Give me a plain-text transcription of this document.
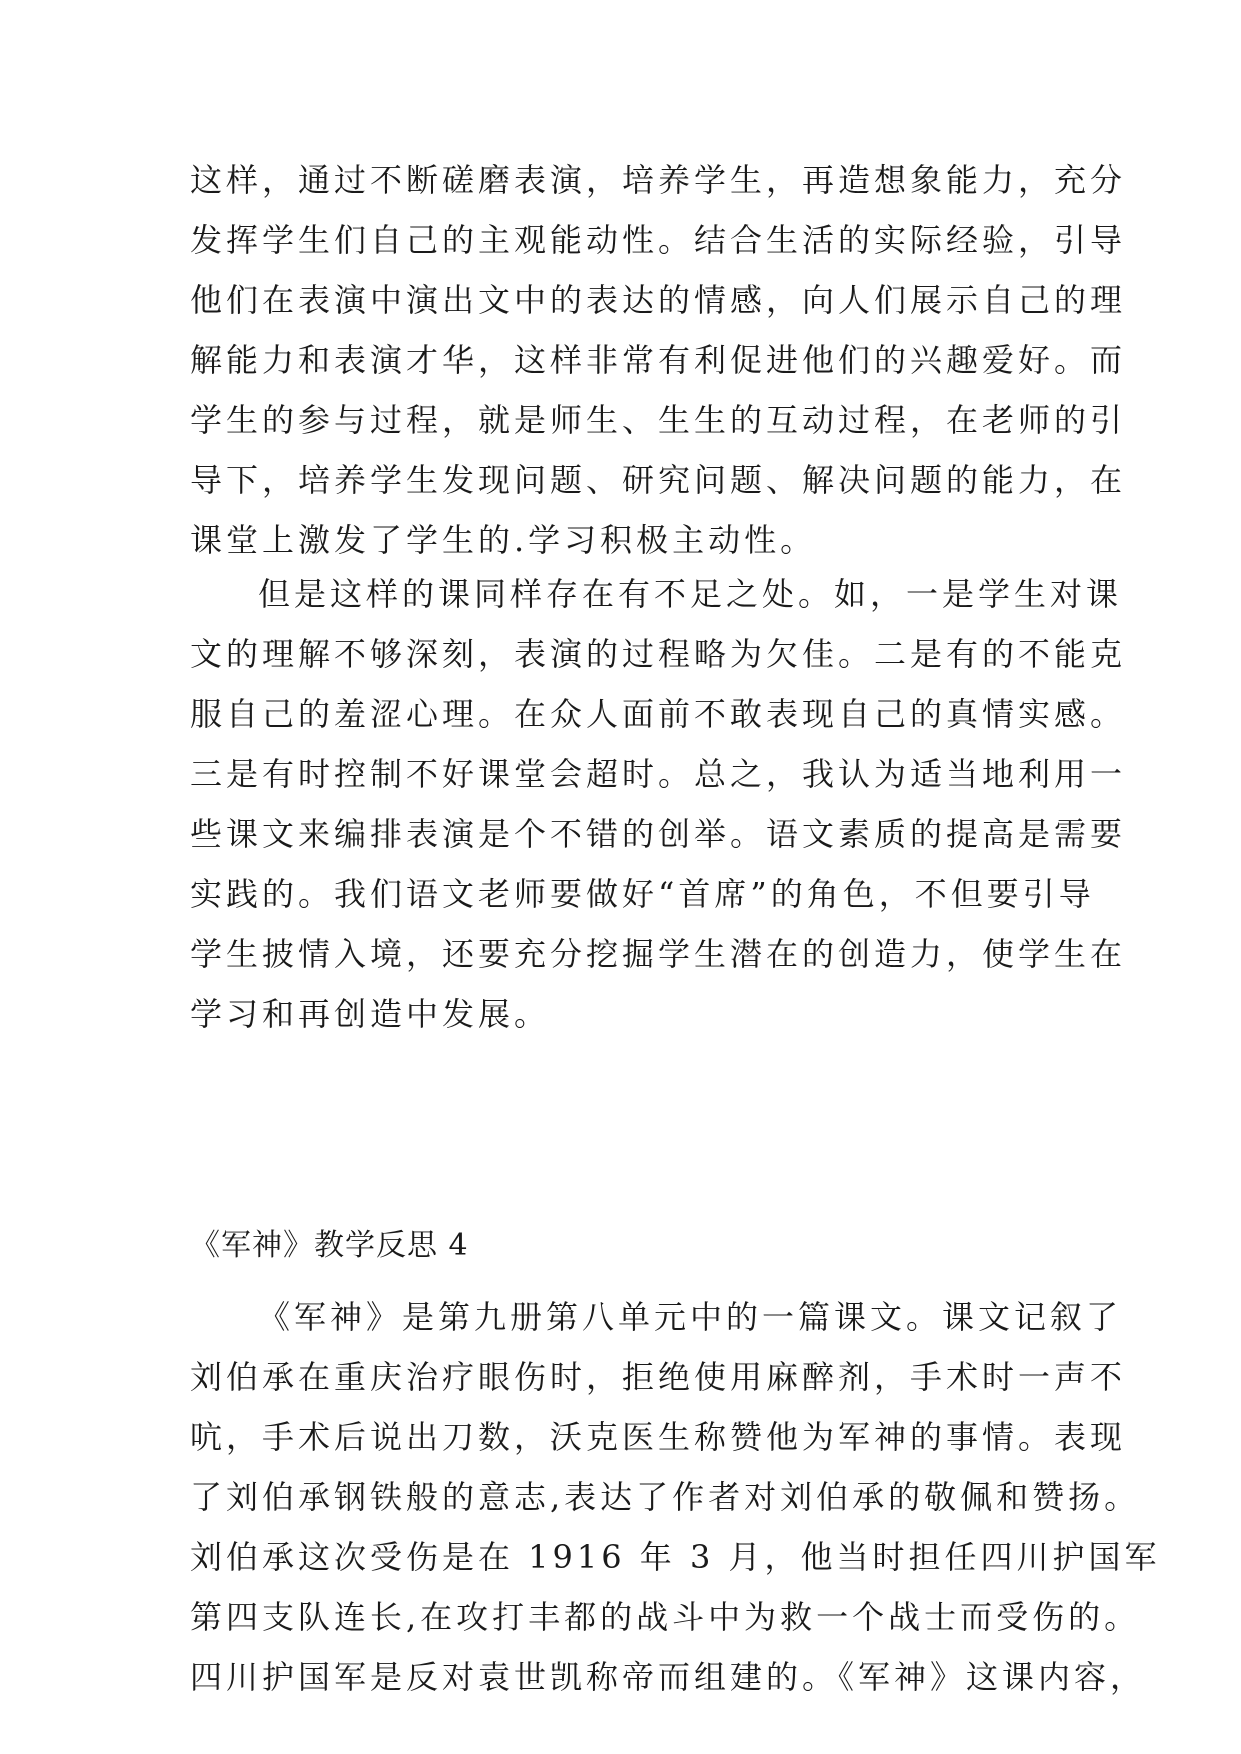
这样，通过不断磋磨表演，培养学生，再造想象能力，充分
发挥学生们自己的主观能动性。结合生活的实际经验，引导
他们在表演中演出文中的表达的情感，向人们展示自己的理
解能力和表演才华，这样非常有利促进他们的兴趣爱好。而
学生的参与过程，就是师生、生生的互动过程，在老师的引
导下，培养学生发现问题、研究问题、解决问题的能力，在
课堂上激发了学生的.学习积极主动性。
但是这样的课同样存在有不足之处。如，一是学生对课
文的理解不够深刻，表演的过程略为欠佳。二是有的不能克
服自己的羞涩心理。在众人面前不敢表现自己的真情实感。
三是有时控制不好课堂会超时。总之，我认为适当地利用一
些课文来编排表演是个不错的创举。语文素质的提高是需要
实践的。我们语文老师要做好“首席”的角色，不但要引导
学生披情入境，还要充分挖掘学生潜在的创造力，使学生在
学习和再创造中发展。
《军神》教学反思 4
《军神》是第九册第八单元中的一篇课文。课文记叙了
刘伯承在重庆治疗眼伤时，拒绝使用麻醉剂，手术时一声不
吭，手术后说出刀数，沃克医生称赞他为军神的事情。表现
了刘伯承钢铁般的意志,表达了作者对刘伯承的敬佩和赞扬。
刘伯承这次受伤是在 1916 年 3 月，他当时担任四川护国军
第四支队连长,在攻打丰都的战斗中为救一个战士而受伤的。
四川护国军是反对袁世凯称帝而组建的。《军神》这课内容，
